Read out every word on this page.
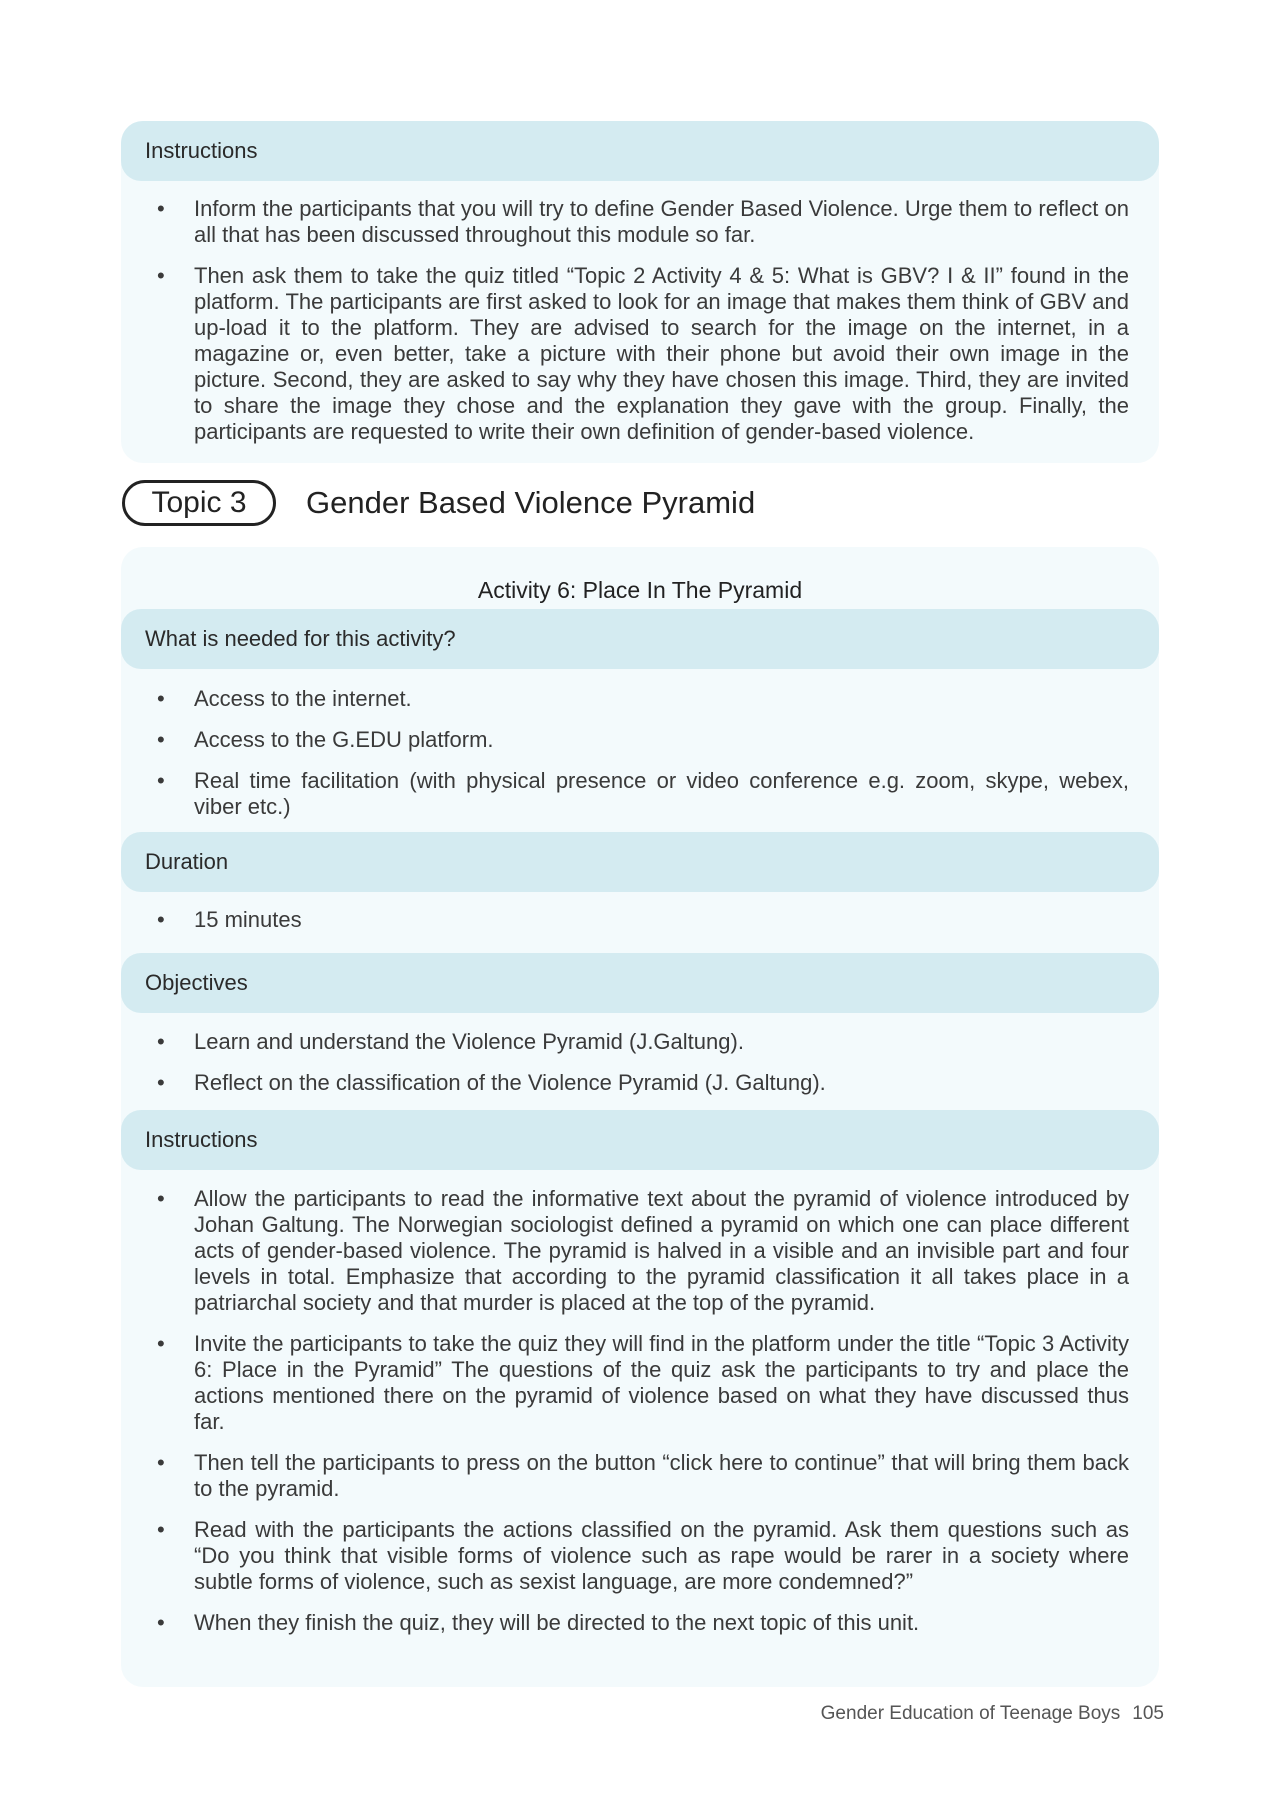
Instructions
• Inform the participants that you will try to define Gender Based Violence. Urge them to reflect on all that has been discussed throughout this module so far.
• Then ask them to take the quiz titled “Topic 2 Activity 4 & 5: What is GBV? I & II” found in the platform. The participants are first asked to look for an image that makes them think of GBV and up-load it to the platform. They are advised to search for the image on the internet, in a magazine or, even better, take a picture with their phone but avoid their own image in the picture. Second, they are asked to say why they have chosen this image. Third, they are invited to share the image they chose and the explanation they gave with the group. Finally, the participants are requested to write their own definition of gender-based violence.
Topic 3	Gender Based Violence Pyramid
Activity 6: Place In The Pyramid
What is needed for this activity?
• Access to the internet.
• Access to the G.EDU platform.
• Real time facilitation (with physical presence or video conference e.g. zoom, skype, webex, viber etc.)
Duration
• 15 minutes
Objectives
• Learn and understand the Violence Pyramid (J.Galtung).
• Reflect on the classification of the Violence Pyramid (J. Galtung).
Instructions
• Allow the participants to read the informative text about the pyramid of violence introduced by Johan Galtung. The Norwegian sociologist defined a pyramid on which one can place different acts of gender-based violence. The pyramid is halved in a visible and an invisible part and four levels in total. Emphasize that according to the pyramid classification it all takes place in a patriarchal society and that murder is placed at the top of the pyramid.
• Invite the participants to take the quiz they will find in the platform under the title “Topic 3 Activity 6: Place in the Pyramid” The questions of the quiz ask the participants to try and place the actions mentioned there on the pyramid of violence based on what they have discussed thus far.
• Then tell the participants to press on the button “click here to continue” that will bring them back to the pyramid.
• Read with the participants the actions classified on the pyramid. Ask them questions such as “Do you think that visible forms of violence such as rape would be rarer in a society where subtle forms of violence, such as sexist language, are more condemned?”
• When they finish the quiz, they will be directed to the next topic of this unit.
Gender Education of Teenage Boys 105
